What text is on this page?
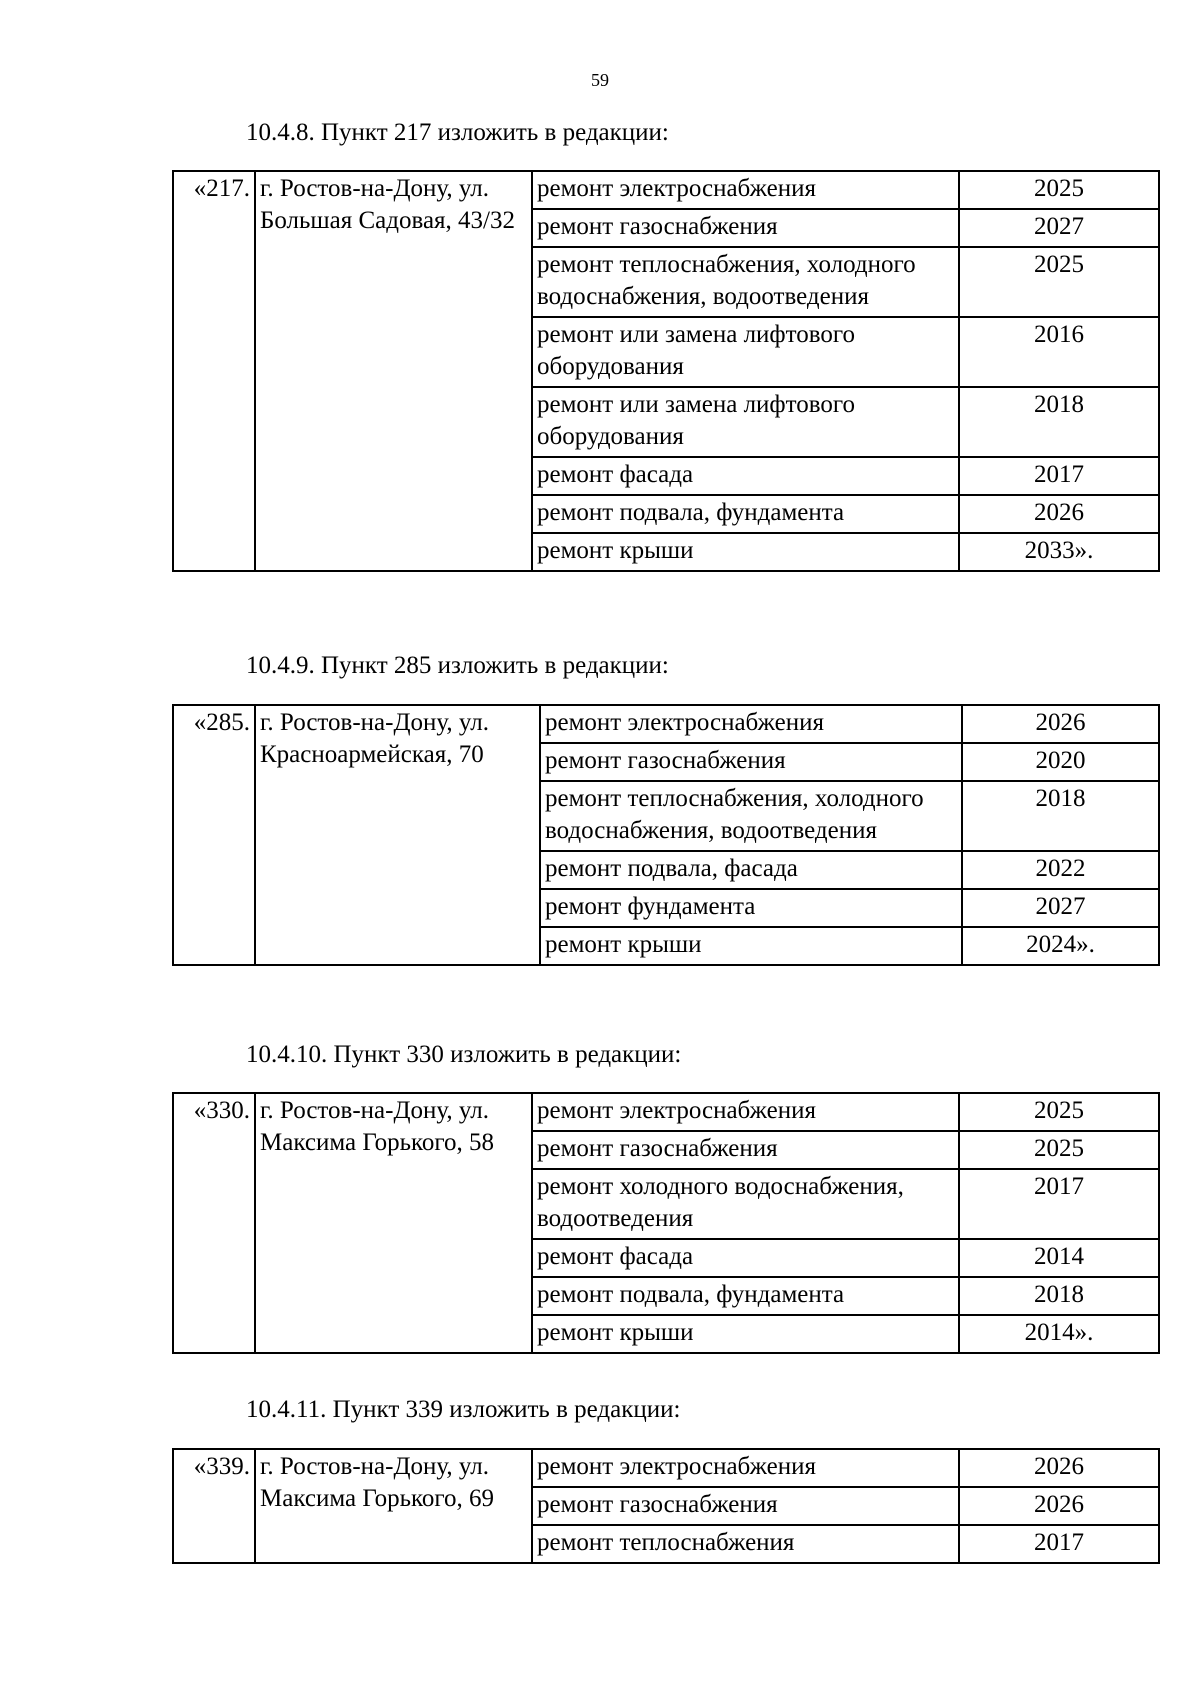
59
10.4.8. Пункт 217 изложить в редакции:
«217.	г. Ростов-на-Дону, ул. Большая Садовая, 43/32	ремонт электроснабжения	2025
		ремонт газоснабжения	2027
		ремонт теплоснабжения, холодного водоснабжения, водоотведения	2025
		ремонт или замена лифтового оборудования	2016
		ремонт или замена лифтового оборудования	2018
		ремонт фасада	2017
		ремонт подвала, фундамента	2026
		ремонт крыши	2033».
10.4.9. Пункт 285 изложить в редакции:
«285.	г. Ростов-на-Дону, ул. Красноармейская, 70	ремонт электроснабжения	2026
		ремонт газоснабжения	2020
		ремонт теплоснабжения, холодного водоснабжения, водоотведения	2018
		ремонт подвала, фасада	2022
		ремонт фундамента	2027
		ремонт крыши	2024».
10.4.10. Пункт 330 изложить в редакции:
«330.	г. Ростов-на-Дону, ул. Максима Горького, 58	ремонт электроснабжения	2025
		ремонт газоснабжения	2025
		ремонт холодного водоснабжения, водоотведения	2017
		ремонт фасада	2014
		ремонт подвала, фундамента	2018
		ремонт крыши	2014».
10.4.11. Пункт 339 изложить в редакции:
«339.	г. Ростов-на-Дону, ул. Максима Горького, 69	ремонт электроснабжения	2026
		ремонт газоснабжения	2026
		ремонт теплоснабжения	2017
